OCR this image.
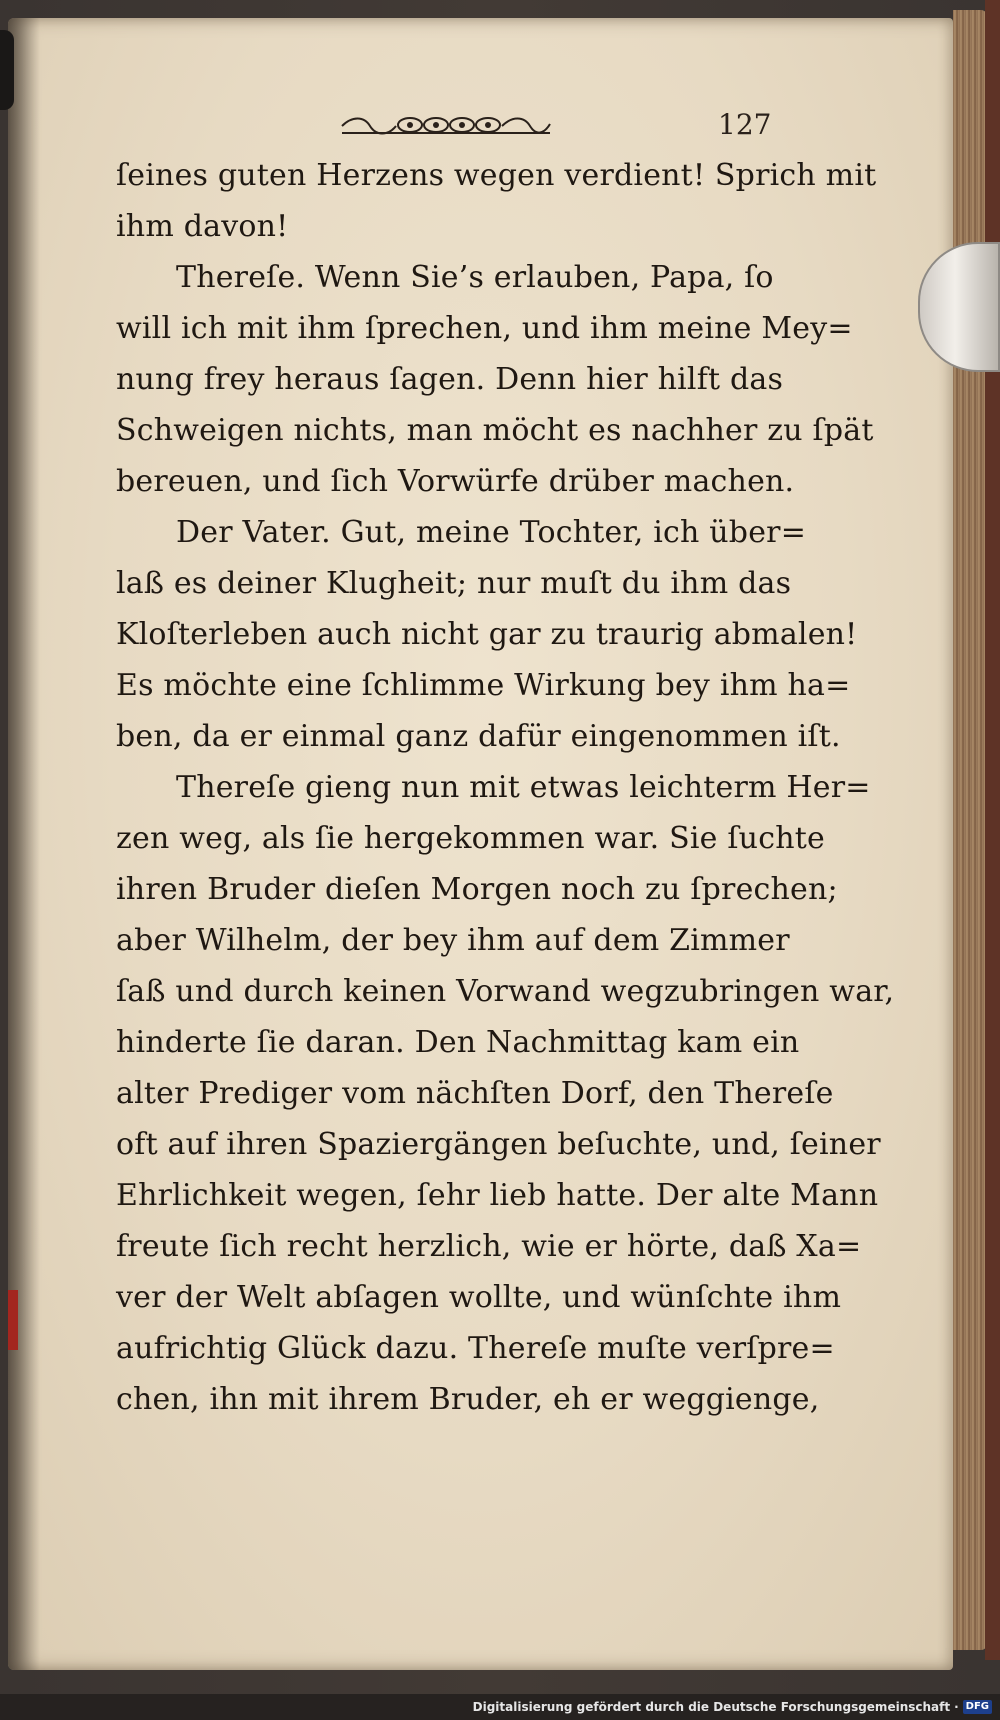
127
ſeines guten Herzens wegen verdient! Sprich mit
ihm davon!
Thereſe. Wenn Sie’s erlauben, Papa, ſo
will ich mit ihm ſprechen, und ihm meine Mey=
nung frey heraus ſagen. Denn hier hilft das
Schweigen nichts, man möcht es nachher zu ſpät
bereuen, und ſich Vorwürfe drüber machen.
Der Vater. Gut, meine Tochter, ich über=
laß es deiner Klugheit; nur muſt du ihm das
Kloſterleben auch nicht gar zu traurig abmalen!
Es möchte eine ſchlimme Wirkung bey ihm ha=
ben, da er einmal ganz dafür eingenommen iſt.
Thereſe gieng nun mit etwas leichterm Her=
zen weg, als ſie hergekommen war. Sie ſuchte
ihren Bruder dieſen Morgen noch zu ſprechen;
aber Wilhelm, der bey ihm auf dem Zimmer
ſaß und durch keinen Vorwand wegzubringen war,
hinderte ſie daran. Den Nachmittag kam ein
alter Prediger vom nächſten Dorf, den Thereſe
oft auf ihren Spaziergängen beſuchte, und, ſeiner
Ehrlichkeit wegen, ſehr lieb hatte. Der alte Mann
freute ſich recht herzlich, wie er hörte, daß Xa=
ver der Welt abſagen wollte, und wünſchte ihm
aufrichtig Glück dazu. Thereſe muſte verſpre=
chen, ihn mit ihrem Bruder, eh er weggienge,
Digitalisierung gefördert durch die Deutsche Forschungsgemeinschaft · DFG
